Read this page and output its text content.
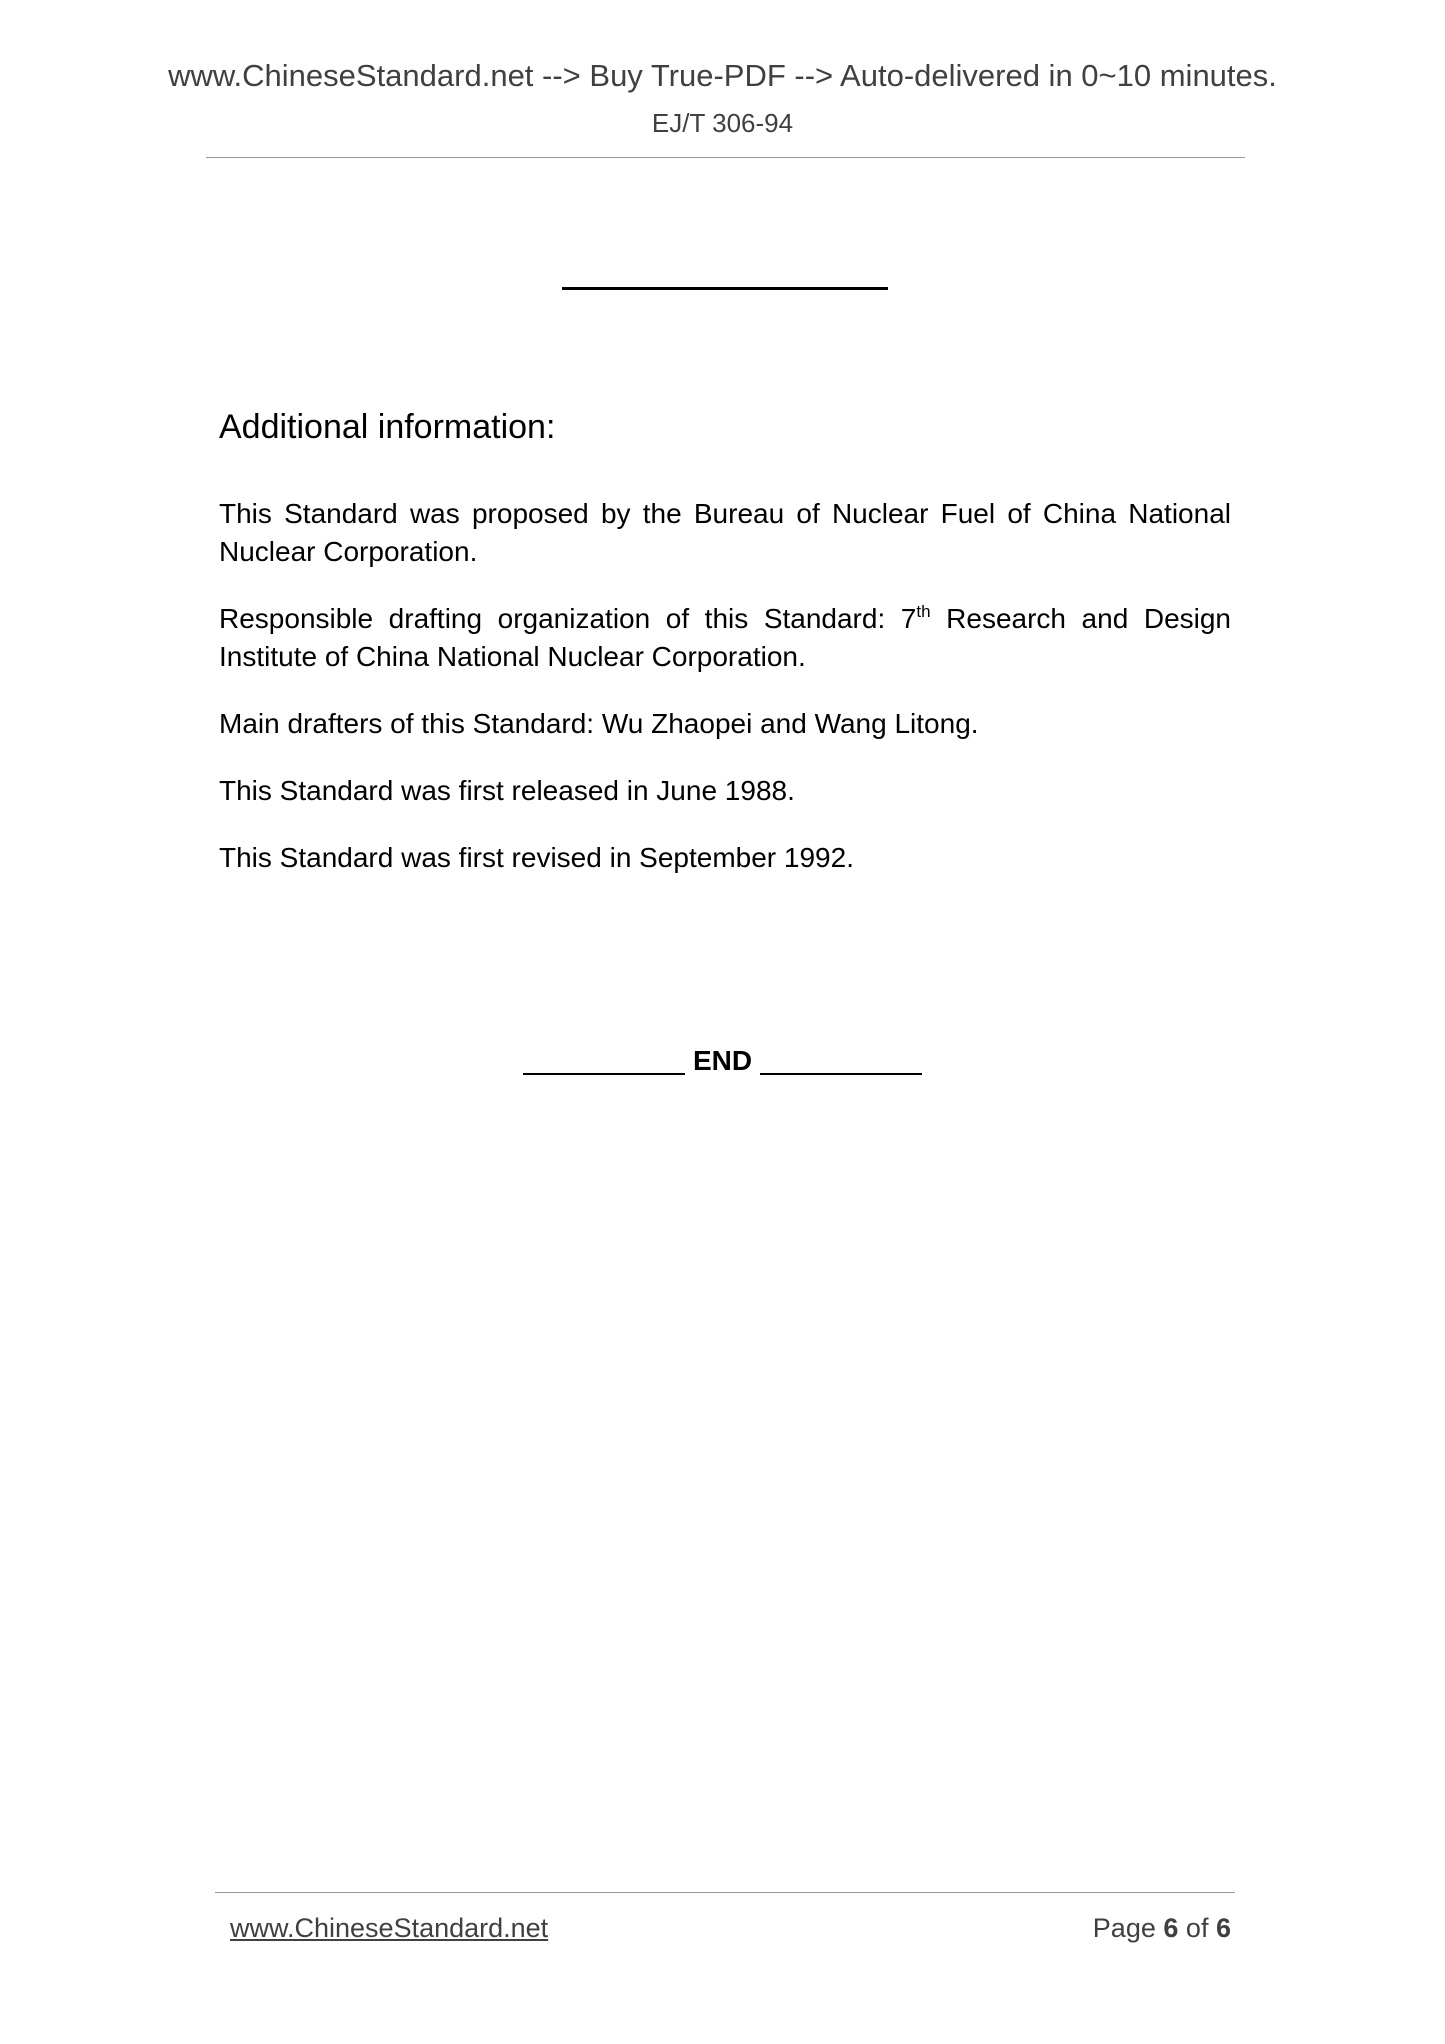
www.ChineseStandard.net --> Buy True-PDF --> Auto-delivered in 0~10 minutes.
EJ/T 306-94
Additional information:
This Standard was proposed by the Bureau of Nuclear Fuel of China National Nuclear Corporation.
Responsible drafting organization of this Standard: 7th Research and Design Institute of China National Nuclear Corporation.
Main drafters of this Standard: Wu Zhaopei and Wang Litong.
This Standard was first released in June 1988.
This Standard was first revised in September 1992.
END
www.ChineseStandard.net	Page 6 of 6
